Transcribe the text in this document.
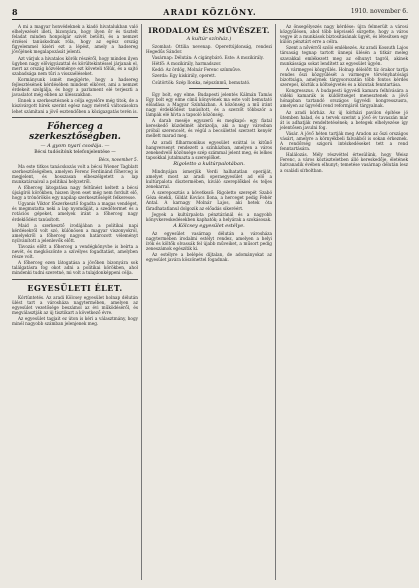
8	ARADI KÖZLÖNY.	1910. november 6.

A mi a magyar honvédeknek a kiadó hivatalukban való elhelyezését illeti, bizonyára, hogy ilyen őr és tisztelt feladat minden honpolgár szívét betölti, és a nemzet érzései tanúskodnak róla, hogy az egész ország figyelemmel kíséri ezt a lépést, amely a hadsereg jövőjének megalapozását jelenti.

Azt várjuk a hivatalos körök részéről, hogy minden ilyen ügyben nagy elővigyázattal és körültekintéssel járjanak el, mert az ország közvéleménye ezt követeli tőlük, és a sajtó szabadsága nem tűri a visszaéléseket.

Kormányunk ismét megígérte, hogy a hadsereg fejlesztésének kérdésében mindent elkövet, ami a nemzet érdekeit szolgálja, és hogy a parlament elé terjeszti a javaslatot még ebben az ülésszakban.

Ennek a szerkesztésnek a célja egyelőre még titok, de a kiszivárgott hírek szerint egész nagy méretű változásokra lehet számítani a jövő esztendőben a közigazgatás terén is.

Főherceg a szerkesztőségben.
— A gyom nyari csodája. —
Bécsi tudósítónk telefonjelentése —
Bécs, november 5.

Ma este titkos tanácskozás volt a bécsi Wiener Tagblatt szerkesztőségében, amelyen Ferenc Ferdinánd főherceg is megjelent, és hosszasan elbeszélgetett a lap munkatársaival a politikai helyzetről.

A főherceg látogatása nagy feltűnést keltett a bécsi újságírói körökben, hiszen ilyen eset még nem fordult elő, hogy a trónörökös egy napilap szerkesztőségét felkeresse.

Ugyanis Viktor főszerkesztő fogadta a magas vendéget, és megmutatta neki a lap nyomdáját, a szedőtermet és a rotációs gépeket, amelyek iránt a főherceg nagy érdeklődést tanúsított.

Maid a szerkesztő irodájában a politikai napi kérdésekről volt szó, különösen a magyar viszonyokról, amelyekről a főherceg nagyon határozott véleményt nyilvánított a jelenlevők előtt.

Távozás előtt a főherceg a vendégkönyvbe is beírta a nevét, és megköszönte a szívélyes fogadtatást, amelyben része volt.

A főherceg ezen látogatása a jövőben bizonyára sok találgatásra fog okot adni a politikai körökben, ahol mindenki tudni szeretné, mi volt a tulajdonképpeni célja.

EGYESÜLETI ÉLET.

Kórtüntetés. Az aradi Kölcsey egyesület holnap délután ülést tart a városháza nagytermében, amelyen az egyesület vezetősége beszámol az évi működéséről, és megválasztják az új tisztikart a következő évre.

Az egyesület tagjait ez úton is kéri a választmány, hogy minél nagyobb számban jelenjenek meg.

IRODALOM ÉS MŰVÉSZET.
A kultúr színház.)

Szombat: Ottilia nevenap. Operettújdonság, rendezi Hegedűs Sándor.

Vasárnap: Délután: A cigánybáró. Este: A mozikirály.

Hétfő: A mozikirály, harmadszor.

Kedd: Az ördög, Molnár Ferenc színműve.

Szerda: Egy kiskirály, operett.

Csütörtök: Szép Ilonka, népszínmű, bemutató.

Egy bolt, egy elme. Budapesti jelentés Kálmán Tamás Egy bolt egy elme című könyvének ma este volt bemutató előadása a Magyar Színházban. A közönség a mű iránt nagy érdeklődést tanúsított, és a szerzőt többször a lámpák elé hívta a tapsoló közönség.

A darab meséje egyszerű és megkapó: egy fiatal kereskedő küzdelmét ábrázolja, aki a nagy városban próbál szerencsét, és végül a becsülettel szerzett kenyér mellett marad meg.

Az aradi filharmonikus egyesület ezúttal is kitűnő hangversenyt rendezett a színházban, amelyen a város zenekedvelő közönsége szép számmal jelent meg, és lelkes tapsokkal jutalmazta a szereplőket.

Rigoletto a kultúrpalotában.

Mindnyájan ismerjük Verdi halhatatlan operáját, amelyet most az aradi operaegyesület ad elő a kultúrpalota dísztermében, kiváló szereplőkkel és teljes zenekarral.

A szereposztás a következő: Rigoletto szerepét Szabó Géza énekli, Gildát Kovács Ilona, a herceget pedig Fehér Antal. A karnagy Molnár Lajos, aki hetek óta fáradhatatlanul dolgozik az előadás sikeréért.

Jegyek a kultúrpalota pénztáránál és a nagyobb könyvkereskedésekben kaphatók; a helyárak a szokásosak.

A Kölcsey egyesület estélye.

Az egyesület vasárnap délután a városháza nagytermében irodalmi estélyt rendez, amelyen a helyi írók és költők olvassák fel újabb műveiket, a műsort pedig zeneszámok egészítik ki.

Az estélyre a belépés díjtalan, de adományokat az egyesület javára köszönettel fogadnak.

Az önsegélyezés nagy kérdése: újra felmerült a városi közgyűlésen, ahol több képviselő sürgette, hogy a város vegye át a munkások biztosításának ügyét, és létesítsen egy külön pénztárt erre a célra.

Szent a nővérről szóló emlékezés. Az aradi Kossuth Lajos társaság tegnap tartott ünnepi ülésén a titkár meleg szavakkal emlékezett meg az elhunyt tagról, akinek munkássága sokat lendített az egyesület ügyén.

A vármegyei közgyűlés. Holnap délelőtt tíz órakor tartja rendes őszi közgyűlését a vármegye törvényhatósági bizottsága, amelynek tárgysorozatán több fontos kérdés szerepel, köztük a költségvetés és a közutak fenntartása.

Kongresszus. A budapesti ügyvédi kamara felhívására a vidéki kamarák is küldöttséget menesztenek a jövő hónapban tartandó országos ügyvédi kongresszusra, amelyen az ügyvédi rend reformjáról tárgyalnak.

Az aradi kórház. Az új kórházi pavilon építése jó ütemben halad, és a tervek szerint a jövő év tavaszán már át is adhatják rendeltetésének; a betegek elhelyezése így jelentősen javulni fog.

Vásár. A jövő héten tartják meg Aradon az őszi országos vásárt, amelyre a környékbeli falvakból is sokan érkeznek. A rendőrség szigorú intézkedéseket tett a rend fenntartására.

Halálozás. Mély részvéttel értesülünk, hogy Weisz Ferenc, a város köztiszteletben álló kereskedője, életének hatvanadik évében elhunyt; temetése vasárnap délután lesz a családi sírboltban.
